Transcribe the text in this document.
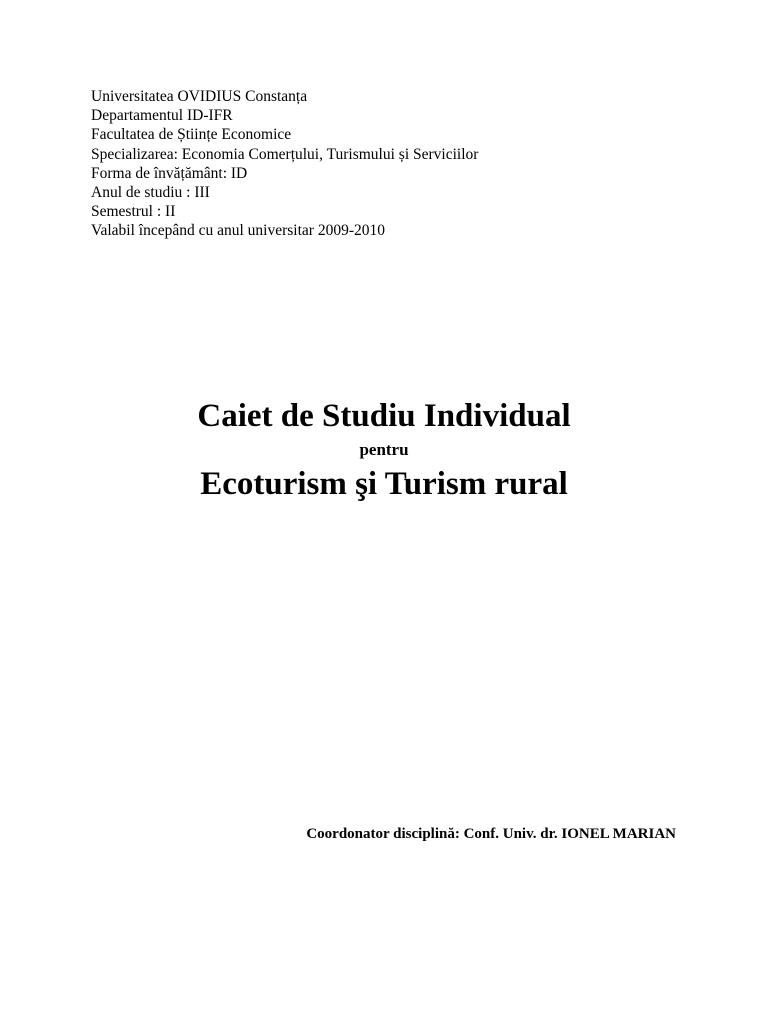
Universitatea OVIDIUS Constanța
Departamentul ID-IFR
Facultatea de Științe Economice
Specializarea: Economia Comerțului, Turismului și Serviciilor
Forma de învățământ: ID
Anul de studiu : III
Semestrul : II
Valabil începând cu anul universitar 2009-2010
Caiet de Studiu Individual
pentru
Ecoturism şi Turism rural
Coordonator disciplină: Conf. Univ. dr. IONEL MARIAN
